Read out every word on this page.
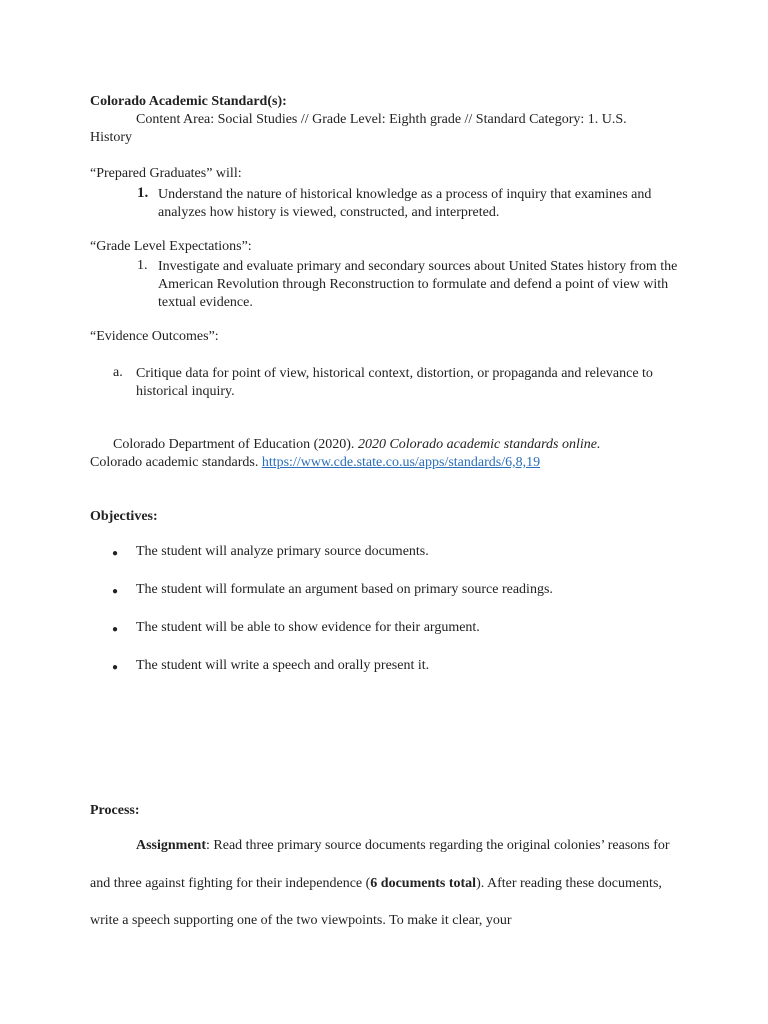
Colorado Academic Standard(s):
Content Area: Social Studies // Grade Level: Eighth grade // Standard Category: 1. U.S.
History
“Prepared Graduates” will:
1. Understand the nature of historical knowledge as a process of inquiry that examines and analyzes how history is viewed, constructed, and interpreted.
“Grade Level Expectations”:
1. Investigate and evaluate primary and secondary sources about United States history from the American Revolution through Reconstruction to formulate and defend a point of view with textual evidence.
“Evidence Outcomes”:
a. Critique data for point of view, historical context, distortion, or propaganda and relevance to historical inquiry.
Colorado Department of Education (2020). 2020 Colorado academic standards online.
Colorado academic standards. https://www.cde.state.co.us/apps/standards/6,8,19
Objectives:
● The student will analyze primary source documents.
● The student will formulate an argument based on primary source readings.
● The student will be able to show evidence for their argument.
● The student will write a speech and orally present it.
Process:
Assignment: Read three primary source documents regarding the original colonies’ reasons for and three against fighting for their independence (6 documents total). After reading these documents, write a speech supporting one of the two viewpoints. To make it clear, your
